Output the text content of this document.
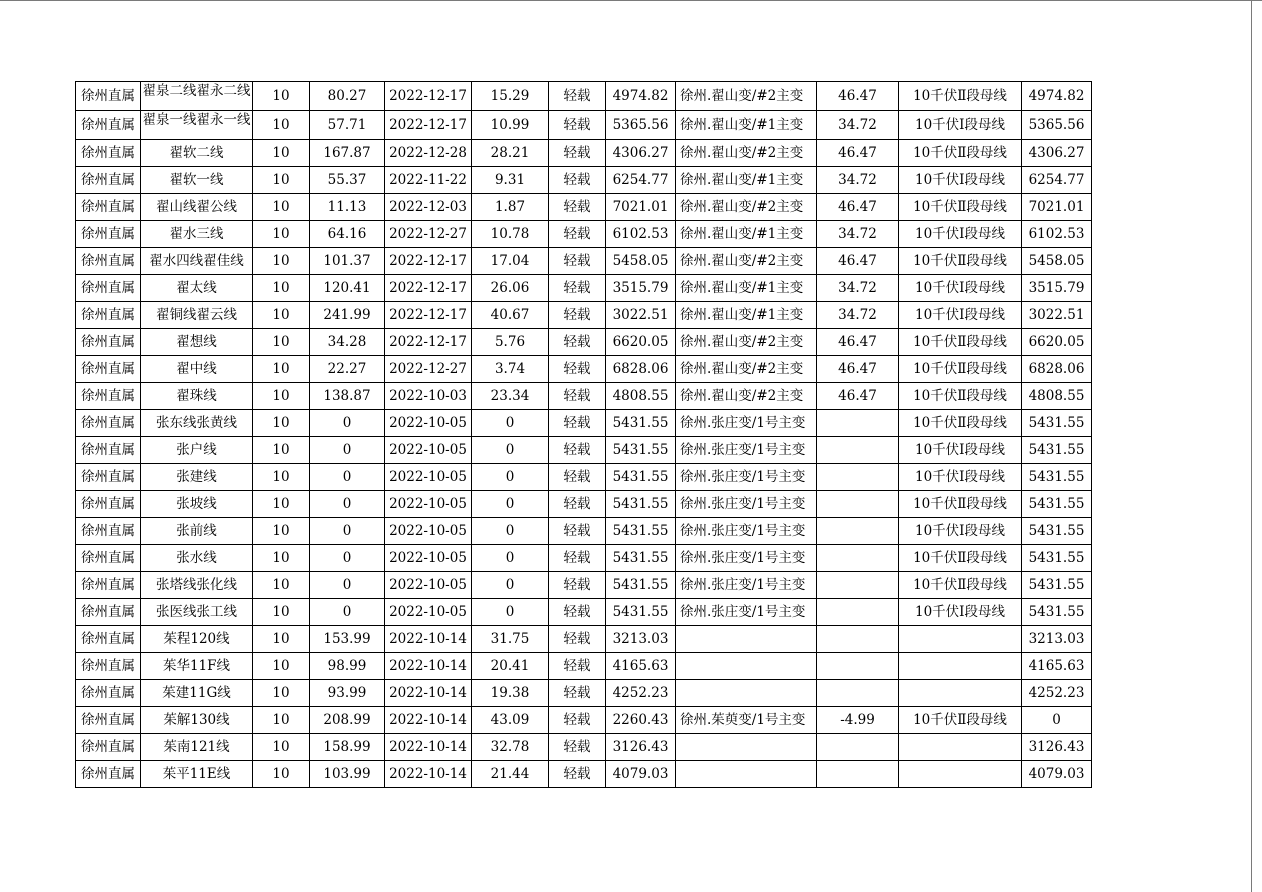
徐州直属	翟泉二线翟永二线	10	80.27	2022-12-17	15.29	轻载	4974.82	徐州.翟山变/#2主变	46.47	10千伏Ⅱ段母线	4974.82
徐州直属	翟泉一线翟永一线	10	57.71	2022-12-17	10.99	轻载	5365.56	徐州.翟山变/#1主变	34.72	10千伏Ⅰ段母线	5365.56
徐州直属	翟软二线	10	167.87	2022-12-28	28.21	轻载	4306.27	徐州.翟山变/#2主变	46.47	10千伏Ⅱ段母线	4306.27
徐州直属	翟软一线	10	55.37	2022-11-22	9.31	轻载	6254.77	徐州.翟山变/#1主变	34.72	10千伏Ⅰ段母线	6254.77
徐州直属	翟山线翟公线	10	11.13	2022-12-03	1.87	轻载	7021.01	徐州.翟山变/#2主变	46.47	10千伏Ⅱ段母线	7021.01
徐州直属	翟水三线	10	64.16	2022-12-27	10.78	轻载	6102.53	徐州.翟山变/#1主变	34.72	10千伏Ⅰ段母线	6102.53
徐州直属	翟水四线翟佳线	10	101.37	2022-12-17	17.04	轻载	5458.05	徐州.翟山变/#2主变	46.47	10千伏Ⅱ段母线	5458.05
徐州直属	翟太线	10	120.41	2022-12-17	26.06	轻载	3515.79	徐州.翟山变/#1主变	34.72	10千伏Ⅰ段母线	3515.79
徐州直属	翟铜线翟云线	10	241.99	2022-12-17	40.67	轻载	3022.51	徐州.翟山变/#1主变	34.72	10千伏Ⅰ段母线	3022.51
徐州直属	翟想线	10	34.28	2022-12-17	5.76	轻载	6620.05	徐州.翟山变/#2主变	46.47	10千伏Ⅱ段母线	6620.05
徐州直属	翟中线	10	22.27	2022-12-27	3.74	轻载	6828.06	徐州.翟山变/#2主变	46.47	10千伏Ⅱ段母线	6828.06
徐州直属	翟珠线	10	138.87	2022-10-03	23.34	轻载	4808.55	徐州.翟山变/#2主变	46.47	10千伏Ⅱ段母线	4808.55
徐州直属	张东线张黄线	10	0	2022-10-05	0	轻载	5431.55	徐州.张庄变/1号主变		10千伏Ⅱ段母线	5431.55
徐州直属	张户线	10	0	2022-10-05	0	轻载	5431.55	徐州.张庄变/1号主变		10千伏Ⅰ段母线	5431.55
徐州直属	张建线	10	0	2022-10-05	0	轻载	5431.55	徐州.张庄变/1号主变		10千伏Ⅰ段母线	5431.55
徐州直属	张坡线	10	0	2022-10-05	0	轻载	5431.55	徐州.张庄变/1号主变		10千伏Ⅱ段母线	5431.55
徐州直属	张前线	10	0	2022-10-05	0	轻载	5431.55	徐州.张庄变/1号主变		10千伏Ⅰ段母线	5431.55
徐州直属	张水线	10	0	2022-10-05	0	轻载	5431.55	徐州.张庄变/1号主变		10千伏Ⅱ段母线	5431.55
徐州直属	张塔线张化线	10	0	2022-10-05	0	轻载	5431.55	徐州.张庄变/1号主变		10千伏Ⅱ段母线	5431.55
徐州直属	张医线张工线	10	0	2022-10-05	0	轻载	5431.55	徐州.张庄变/1号主变		10千伏Ⅰ段母线	5431.55
徐州直属	茱程120线	10	153.99	2022-10-14	31.75	轻载	3213.03				3213.03
徐州直属	茱华11F线	10	98.99	2022-10-14	20.41	轻载	4165.63				4165.63
徐州直属	茱建11G线	10	93.99	2022-10-14	19.38	轻载	4252.23				4252.23
徐州直属	茱解130线	10	208.99	2022-10-14	43.09	轻载	2260.43	徐州.茱萸变/1号主变	-4.99	10千伏Ⅱ段母线	0
徐州直属	茱南121线	10	158.99	2022-10-14	32.78	轻载	3126.43				3126.43
徐州直属	茱平11E线	10	103.99	2022-10-14	21.44	轻载	4079.03				4079.03
